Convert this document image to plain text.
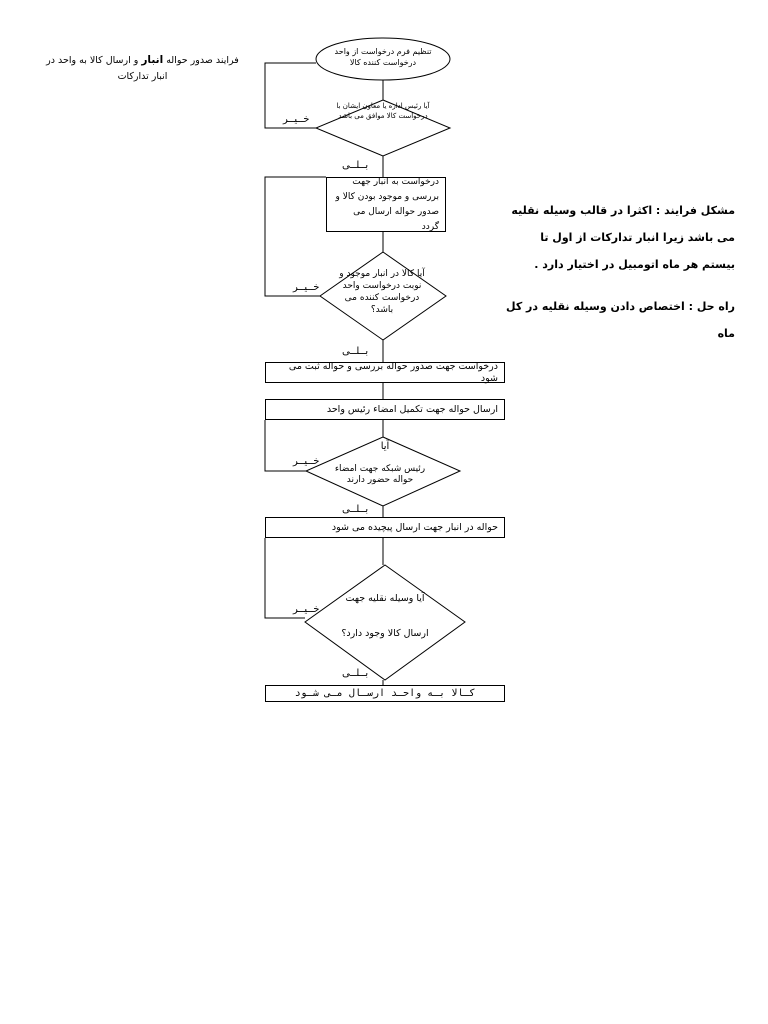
فرایند صدور حواله انبار و ارسال کالا به واحد در
انبار تدارکات
تنظیم فرم درخواست از واحد درخواست کننده کالا
آیا رئیس اداره یا معاون ایشان با درخواست کالا موافق می باشد
درخواست به انبار جهت بررسی و موجود بودن کالا و صدور حواله ارسال می گردد
آیا کالا در انبار موجود و نوبت درخواست واحد درخواست کننده می باشد؟
درخواست جهت صدور حواله بررسی و حواله ثبت می شود
ارسال حواله جهت تکمیل امضاء رئیس واحد
آیا
رئیس شبکه جهت امضاء حواله حضور دارند
حواله در انبار جهت ارسال پیچیده می شود
آیا وسیله نقلیه جهت
ارسال کالا وجود دارد؟
کـالا بـه واحـد ارسـال مـی شـود
بــلــی
بــلــی
بــلــی
بــلــی
خــیــر
خــیــر
خــیــر
خــیــر
مشکل فرایند : اکثرا در قالب وسیله نقلیه می باشد زیرا انبار تدارکات از اول تا بیستم هر ماه اتومبیل در اختیار دارد .
راه حل : اختصاص دادن وسیله نقلیه در کل ماه
